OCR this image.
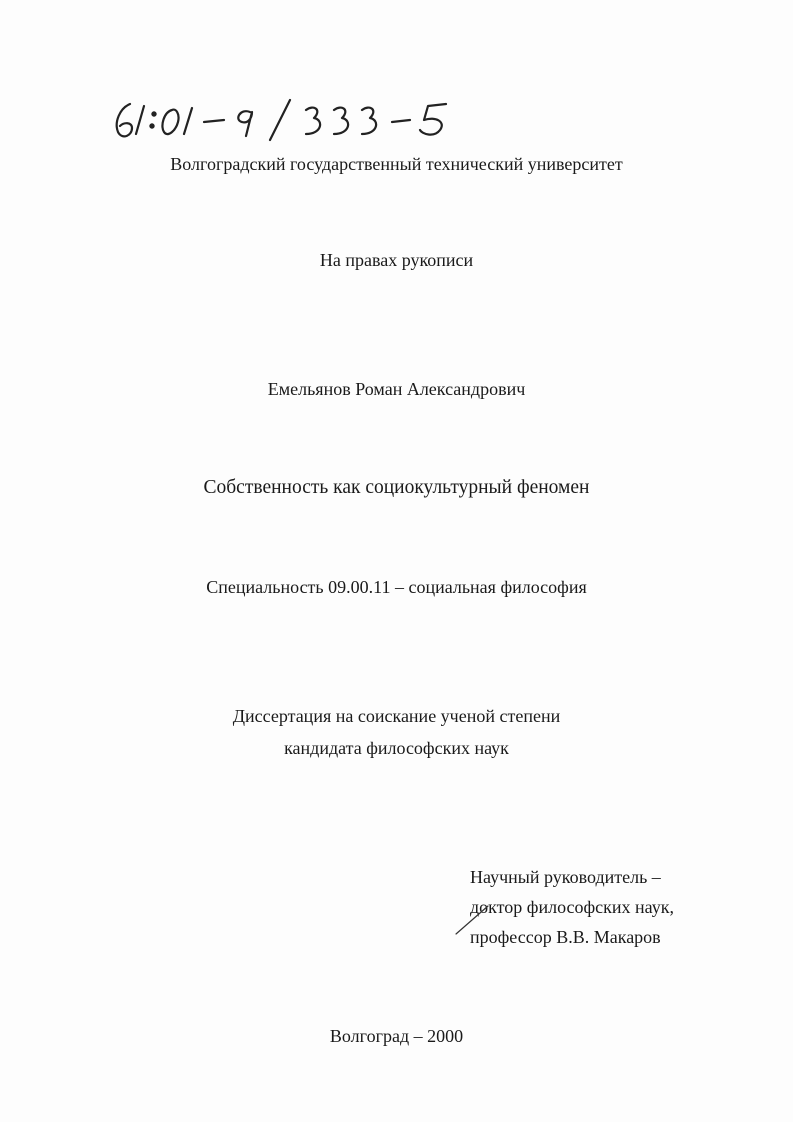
Волгоградский государственный технический университет
На правах рукописи
Емельянов Роман Александрович
Собственность как социокультурный феномен
Специальность 09.00.11 – социальная философия
Диссертация на соискание ученой степени
кандидата философских наук
Научный руководитель –
доктор философских наук,
профессор В.В. Макаров
Волгоград – 2000
